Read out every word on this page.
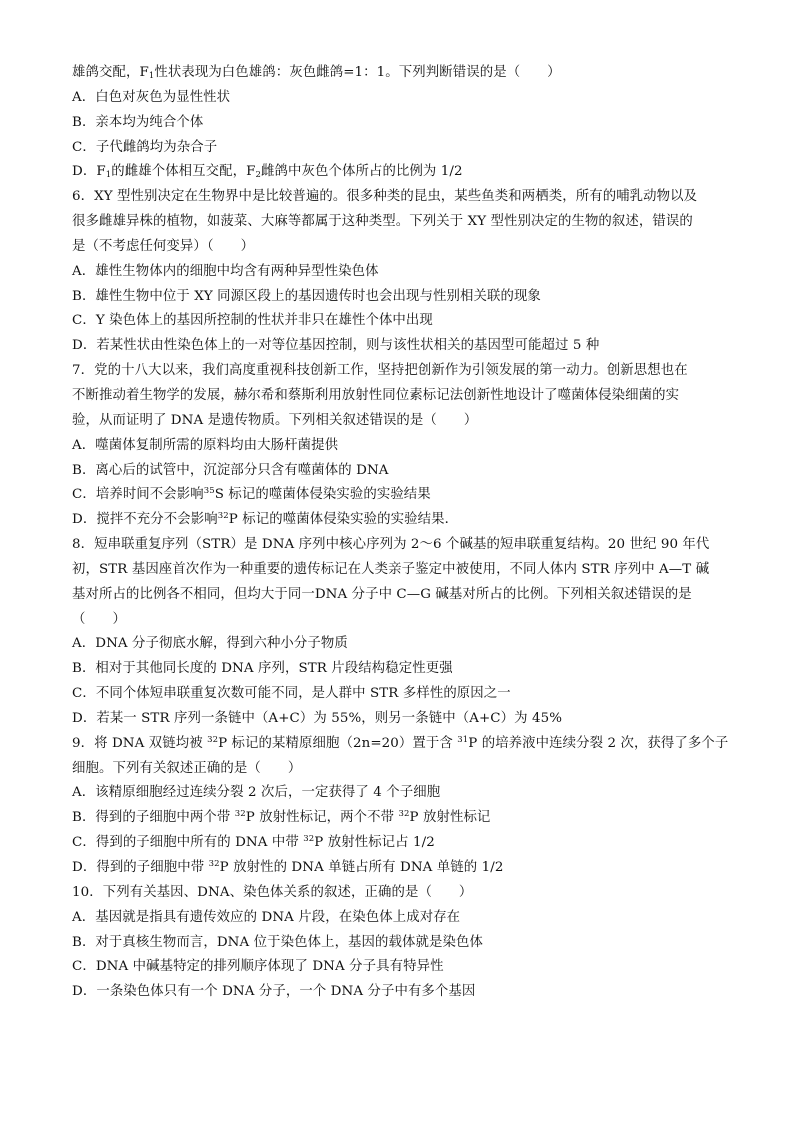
雄鸽交配，$F_1$性状表现为白色雄鸽：灰色雌鸽=1：1。下列判断错误的是（　　）
A．白色对灰色为显性性状
B．亲本均为纯合个体
C．子代雌鸽均为杂合子
D．$F_1$的雌雄个体相互交配，$F_2$雌鸽中灰色个体所占的比例为 1/2
6．XY 型性别决定在生物界中是比较普遍的。很多种类的昆虫，某些鱼类和两栖类，所有的哺乳动物以及
很多雌雄异株的植物，如菠菜、大麻等都属于这种类型。下列关于 XY 型性别决定的生物的叙述，错误的
是（不考虑任何变异）（　　）
A．雄性生物体内的细胞中均含有两种异型性染色体
B．雄性生物中位于 XY 同源区段上的基因遗传时也会出现与性别相关联的现象
C．Y 染色体上的基因所控制的性状并非只在雄性个体中出现
D．若某性状由性染色体上的一对等位基因控制，则与该性状相关的基因型可能超过 5 种
7．党的十八大以来，我们高度重视科技创新工作，坚持把创新作为引领发展的第一动力。创新思想也在
不断推动着生物学的发展，赫尔希和蔡斯利用放射性同位素标记法创新性地设计了噬菌体侵染细菌的实
验，从而证明了 DNA 是遗传物质。下列相关叙述错误的是（　　）
A．噬菌体复制所需的原料均由大肠杆菌提供
B．离心后的试管中，沉淀部分只含有噬菌体的 DNA
C．培养时间不会影响$^{35}$S 标记的噬菌体侵染实验的实验结果
D．搅拌不充分不会影响$^{32}$P 标记的噬菌体侵染实验的实验结果．
8．短串联重复序列（STR）是 DNA 序列中核心序列为 2～6 个碱基的短串联重复结构。20 世纪 90 年代
初，STR 基因座首次作为一种重要的遗传标记在人类亲子鉴定中被使用，不同人体内 STR 序列中 A—T 碱
基对所占的比例各不相同，但均大于同一DNA 分子中 C—G 碱基对所占的比例。下列相关叙述错误的是
（　　）
A．DNA 分子彻底水解，得到六种小分子物质
B．相对于其他同长度的 DNA 序列，STR 片段结构稳定性更强
C．不同个体短串联重复次数可能不同，是人群中 STR 多样性的原因之一
D．若某一 STR 序列一条链中（A+C）为 55%，则另一条链中（A+C）为 45%
9．将 DNA 双链均被 $^{32}$P 标记的某精原细胞（2n=20）置于含 $^{31}$P 的培养液中连续分裂 2 次，获得了多个子
细胞。下列有关叙述正确的是（　　）
A．该精原细胞经过连续分裂 2 次后，一定获得了 4 个子细胞
B．得到的子细胞中两个带 $^{32}$P 放射性标记，两个不带 $^{32}$P 放射性标记
C．得到的子细胞中所有的 DNA 中带 $^{32}$P 放射性标记占 1/2
D．得到的子细胞中带 $^{32}$P 放射性的 DNA 单链占所有 DNA 单链的 1/2
10．下列有关基因、DNA、染色体关系的叙述，正确的是（　　）
A．基因就是指具有遗传效应的 DNA 片段，在染色体上成对存在
B．对于真核生物而言，DNA 位于染色体上，基因的载体就是染色体
C．DNA 中碱基特定的排列顺序体现了 DNA 分子具有特异性
D．一条染色体只有一个 DNA 分子，一个 DNA 分子中有多个基因
